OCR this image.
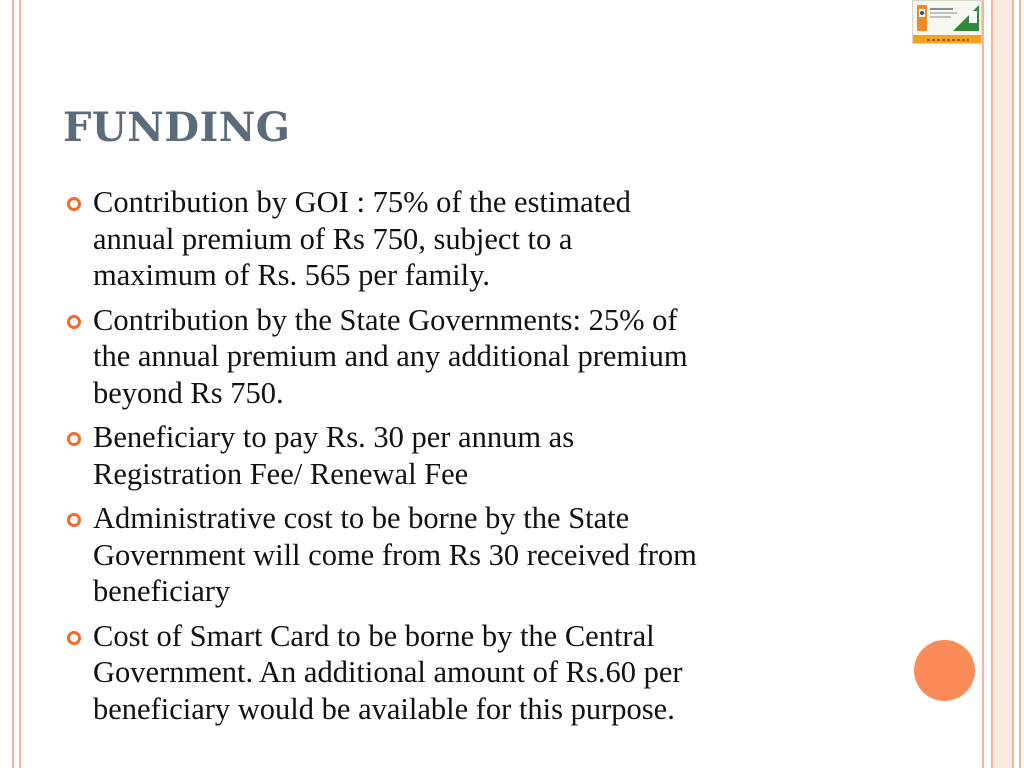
FUNDING
Contribution by GOI : 75% of the estimated
annual premium of Rs 750, subject to a
maximum of Rs. 565 per family.
Contribution by the State Governments: 25% of
the annual premium and any additional premium
beyond Rs 750.
Beneficiary to pay Rs. 30 per annum as
Registration Fee/ Renewal Fee
Administrative cost to be borne by the State
Government will come from Rs 30 received from
beneficiary
Cost of Smart Card to be borne by the Central
Government. An additional amount of Rs.60 per
beneficiary would be available for this purpose.
